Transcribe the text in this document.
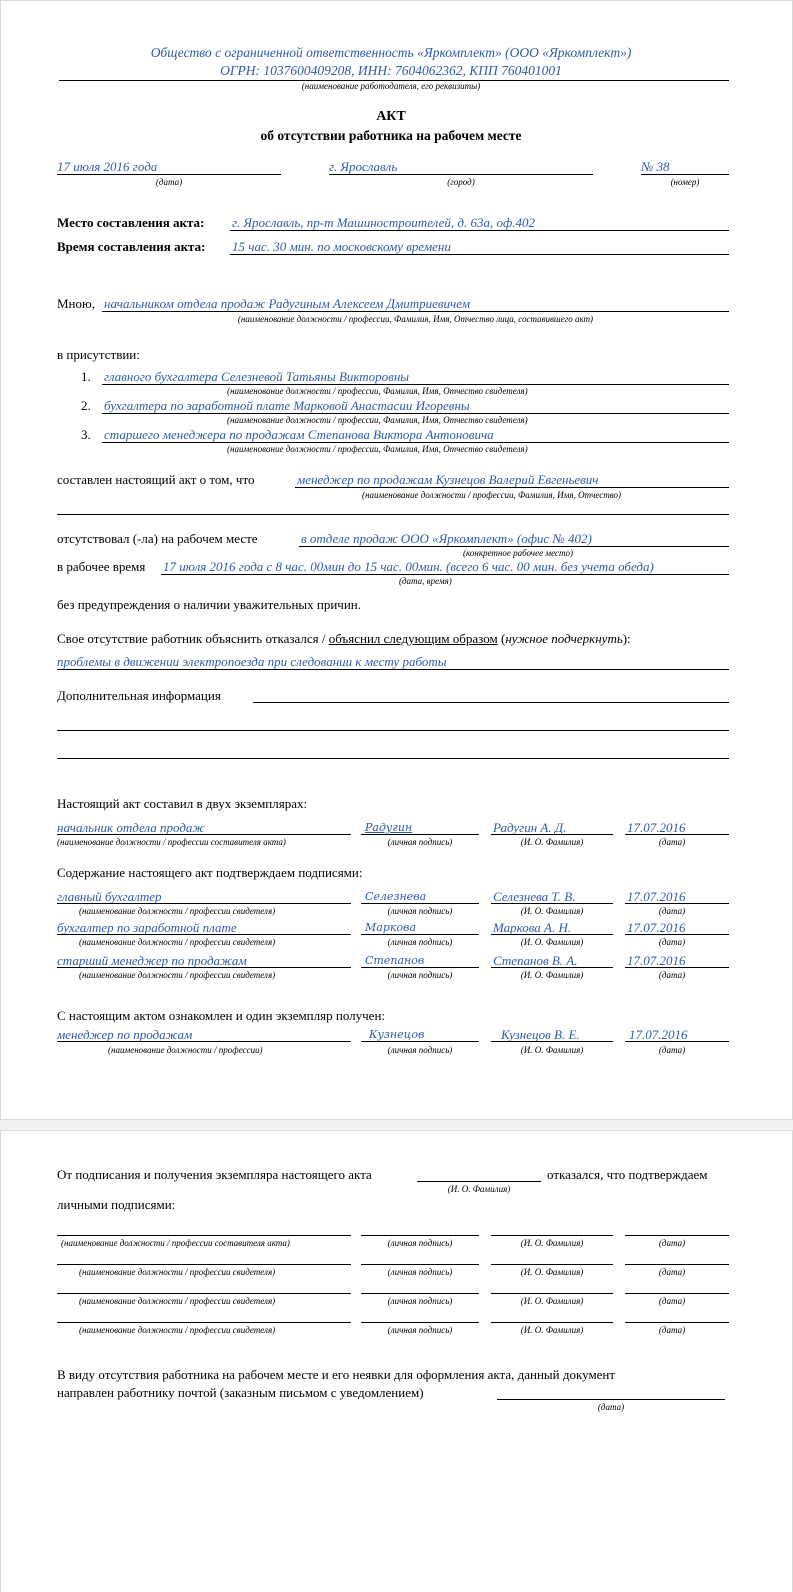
Общество с ограниченной ответственность «Яркомплект» (ООО «Яркомплект»)
ОГРН: 1037600409208, ИНН: 7604062362, КПП 760401001
(наименование работодателя, его реквизиты)
АКТ
об отсутствии работника на рабочем месте
17 июля 2016 года
(дата)
г. Ярославль
(город)
№ 38
(номер)
Место составления акта: г. Ярославль, пр-т Машиностроителей, д. 63а, оф.402
Время составления акта: 15 час. 30 мин. по московскому времени
Мною, начальником отдела продаж Радугиным Алексеем Дмитриевичем
(наименование должности / профессии, Фамилия, Имя, Отчество лица, составившего акт)
в присутствии:
1. главного бухгалтера Селезневой Татьяны Викторовны
(наименование должности / профессии, Фамилия, Имя, Отчество свидетеля)
2. бухгалтера по заработной плате Марковой Анастасии Игоревны
(наименование должности / профессии, Фамилия, Имя, Отчество свидетеля)
3. старшего менеджера по продажам Степанова Виктора Антоновича
(наименование должности / профессии, Фамилия, Имя, Отчество свидетеля)
составлен настоящий акт о том, что	менеджер по продажам Кузнецов Валерий Евгеньевич
(наименование должности / профессии, Фамилия, Имя, Отчество)
отсутствовал (-ла) на рабочем месте	в отделе продаж ООО «Яркомплект» (офис № 402)
(конкретное рабочее место)
в рабочее время 17 июля 2016 года с 8 час. 00мин до 15 час. 00мин. (всего 6 час. 00 мин. без учета обеда)
(дата, время)
без предупреждения о наличии уважительных причин.
Свое отсутствие работник объяснить отказался / объяснил следующим образом (нужное подчеркнуть):
проблемы в движении электропоезда при следовании к месту работы
Дополнительная информация
Настоящий акт составил в двух экземплярах:
начальник отдела продаж	Радугин	Радугин А. Д.	17.07.2016
(наименование должности / профессии составителя акта)	(личная подпись)	(И. О. Фамилия)	(дата)
Содержание настоящего акт подтверждаем подписями:
главный бухгалтер	Селезнева	Селезнева Т. В.	17.07.2016
(наименование должности / профессии свидетеля)	(личная подпись)	(И. О. Фамилия)	(дата)
бухгалтер по заработной плате	Маркова	Маркова А. Н.	17.07.2016
(наименование должности / профессии свидетеля)	(личная подпись)	(И. О. Фамилия)	(дата)
старший менеджер по продажам	Степанов	Степанов В. А.	17.07.2016
(наименование должности / профессии свидетеля)	(личная подпись)	(И. О. Фамилия)	(дата)
С настоящим актом ознакомлен и один экземпляр получен:
менеджер по продажам	Кузнецов	Кузнецов В. Е.	17.07.2016
(наименование должности / профессии)	(личная подпись)	(И. О. Фамилия)	(дата)
От подписания и получения экземпляра настоящего акта	отказался, что подтверждаем
(И. О. Фамилия)
личными подписями:
(наименование должности / профессии составителя акта)	(личная подпись)	(И. О. Фамилия)	(дата)
(наименование должности / профессии свидетеля)	(личная подпись)	(И. О. Фамилия)	(дата)
(наименование должности / профессии свидетеля)	(личная подпись)	(И. О. Фамилия)	(дата)
(наименование должности / профессии свидетеля)	(личная подпись)	(И. О. Фамилия)	(дата)
В виду отсутствия работника на рабочем месте и его неявки для оформления акта, данный документ
направлен работнику почтой (заказным письмом с уведомлением)
(дата)
